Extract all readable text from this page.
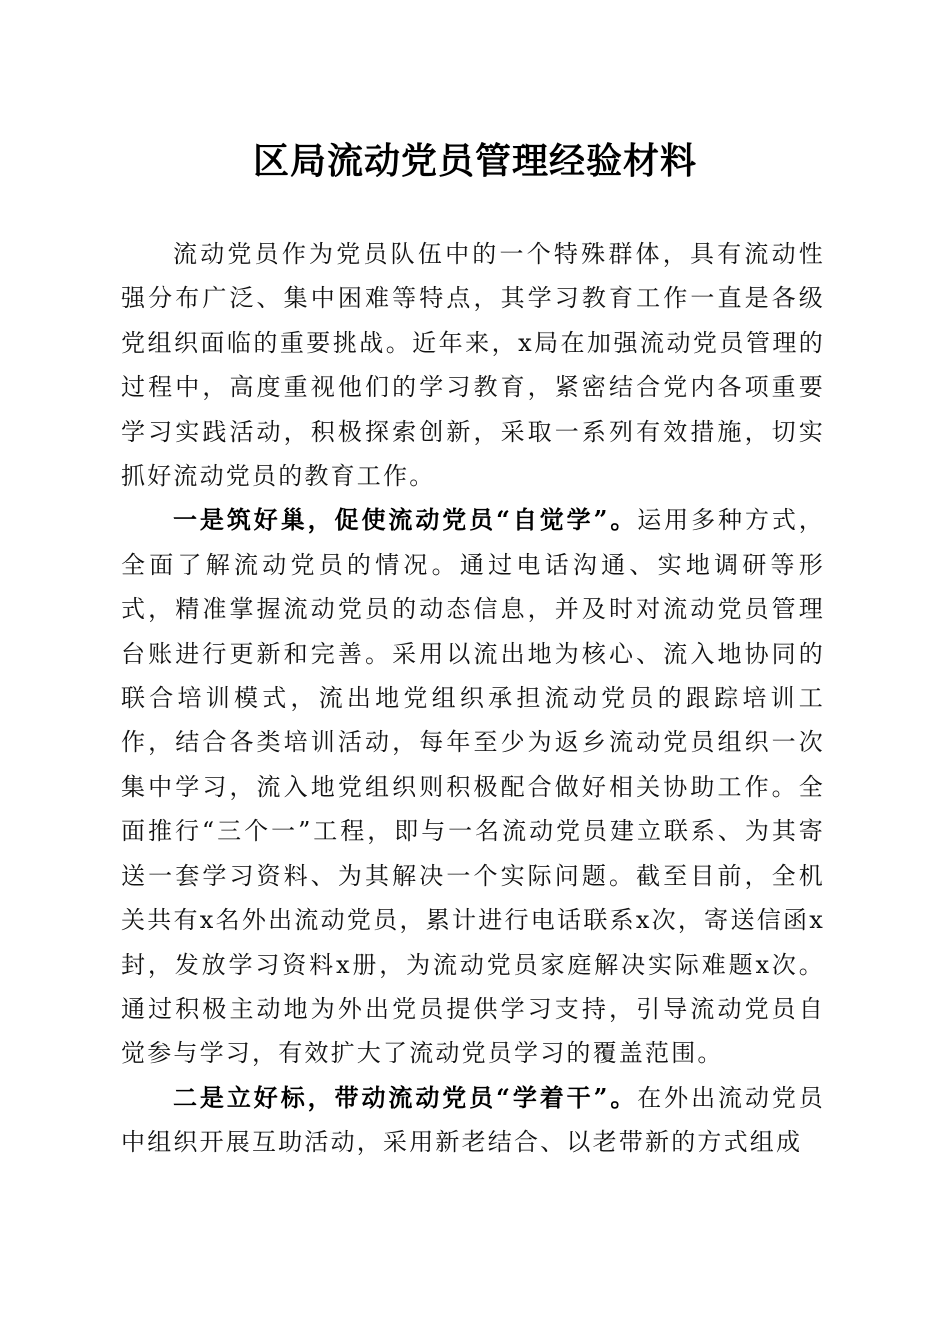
区局流动党员管理经验材料

流动党员作为党员队伍中的一个特殊群体，具有流动性强分布广泛、集中困难等特点，其学习教育工作一直是各级党组织面临的重要挑战。近年来，x局在加强流动党员管理的过程中，高度重视他们的学习教育，紧密结合党内各项重要学习实践活动，积极探索创新，采取一系列有效措施，切实抓好流动党员的教育工作。

一是筑好巢，促使流动党员“自觉学”。运用多种方式，全面了解流动党员的情况。通过电话沟通、实地调研等形式，精准掌握流动党员的动态信息，并及时对流动党员管理台账进行更新和完善。采用以流出地为核心、流入地协同的联合培训模式，流出地党组织承担流动党员的跟踪培训工作，结合各类培训活动，每年至少为返乡流动党员组织一次集中学习，流入地党组织则积极配合做好相关协助工作。全面推行“三个一”工程，即与一名流动党员建立联系、为其寄送一套学习资料、为其解决一个实际问题。截至目前，全机关共有x名外出流动党员，累计进行电话联系x次，寄送信函x封，发放学习资料x册，为流动党员家庭解决实际难题x次。通过积极主动地为外出党员提供学习支持，引导流动党员自觉参与学习，有效扩大了流动党员学习的覆盖范围。

二是立好标，带动流动党员“学着干”。在外出流动党员中组织开展互助活动，采用新老结合、以老带新的方式组成
